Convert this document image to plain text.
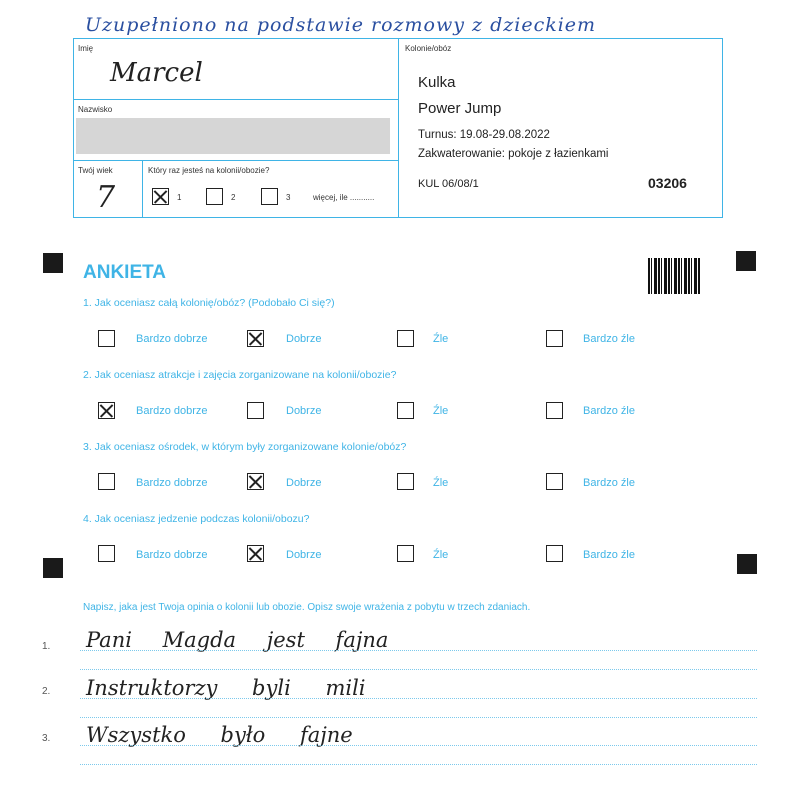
Uzupełniono na podstawie rozmowy z dzieckiem
Imię
Marcel
Nazwisko
Twój wiek
7
Który raz jesteś na kolonii/obozie?
1	2	3	więcej, ile ...........
Kolonie/obóz
Kulka
Power Jump
Turnus: 19.08-29.08.2022
Zakwaterowanie: pokoje z łazienkami
KUL 06/08/1	03206
ANKIETA
1. Jak oceniasz całą kolonię/obóz? (Podobało Ci się?)
Bardzo dobrze	Dobrze	Źle	Bardzo źle
2. Jak oceniasz atrakcje i zajęcia zorganizowane na kolonii/obozie?
Bardzo dobrze	Dobrze	Źle	Bardzo źle
3. Jak oceniasz ośrodek, w którym były zorganizowane kolonie/obóz?
Bardzo dobrze	Dobrze	Źle	Bardzo źle
4. Jak oceniasz jedzenie podczas kolonii/obozu?
Bardzo dobrze	Dobrze	Źle	Bardzo źle
Napisz, jaka jest Twoja opinia o kolonii lub obozie. Opisz swoje wrażenia z pobytu w trzech zdaniach.
1. Pani Magda jest fajna
2. Instruktorzy byli mili
3. Wszystko było fajne
